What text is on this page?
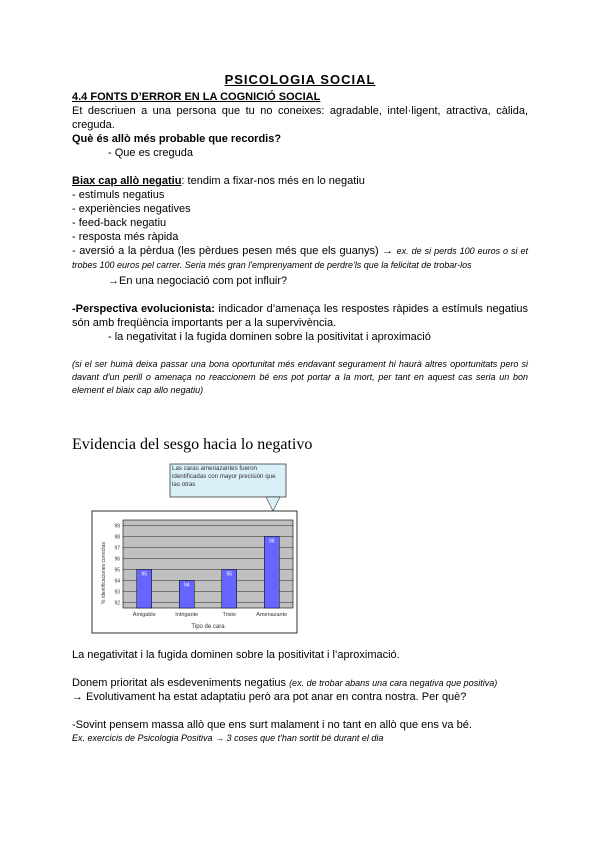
PSICOLOGIA SOCIAL

4.4 FONTS D’ERROR EN LA COGNICIÓ SOCIAL

Et descriuen a una persona que tu no coneixes: agradable, intel·ligent, atractiva, càlida, creguda.

Què és allò més probable que recordis?

- Que es creguda

Biax cap allò negatiu: tendim a fixar-nos més en lo negatiu

- estímuls negatius

- experiències negatives

- feed-back negatiu

- resposta més ràpida

- aversió a la pèrdua (les pèrdues pesen més que els guanys) → ex. de si perds 100 euros o si et trobes 100 euros pel carrer. Seria més gran l'emprenyament de perdre'ls que la felicitat de trobar-los

→En una negociació com pot influir?

-Perspectiva evolucionista: indicador d’amenaça les respostes ràpides a estímuls negatius són amb freqüència importants per a la supervivència.

- la negativitat i la fugida dominen sobre la positivitat i aproximació

(si el ser humà deixa passar una bona oportunitat més endavant segurament hi haurà altres oportunitats pero si davant d'un perill o amenaça no reaccionem bé ens pot portar a la mort, per tant en aquest cas seria un bon element el biaix cap allo negatiu)

Evidencia del sesgo hacia lo negativo

95
94
95
98
99
98
97
96
95
94
93
92
Amigable	Intrigante	Triste	Amenazante
% identificaciones correctas
Tipo de cara
Las caras amenazantes fueron identificadas con mayor precisión que las otras

La negativitat i la fugida dominen sobre la positivitat i l’aproximació.

Donem prioritat als esdeveniments negatius (ex. de trobar abans una cara negativa que positiva)

→ Evolutivament ha estat adaptatiu però ara pot anar en contra nostra. Per què?

-Sovint pensem massa allò que ens surt malament i no tant en allò que ens va bé.

Ex. exercicis de Psicologia Positiva → 3 coses que t'han sortit bé durant el dia
